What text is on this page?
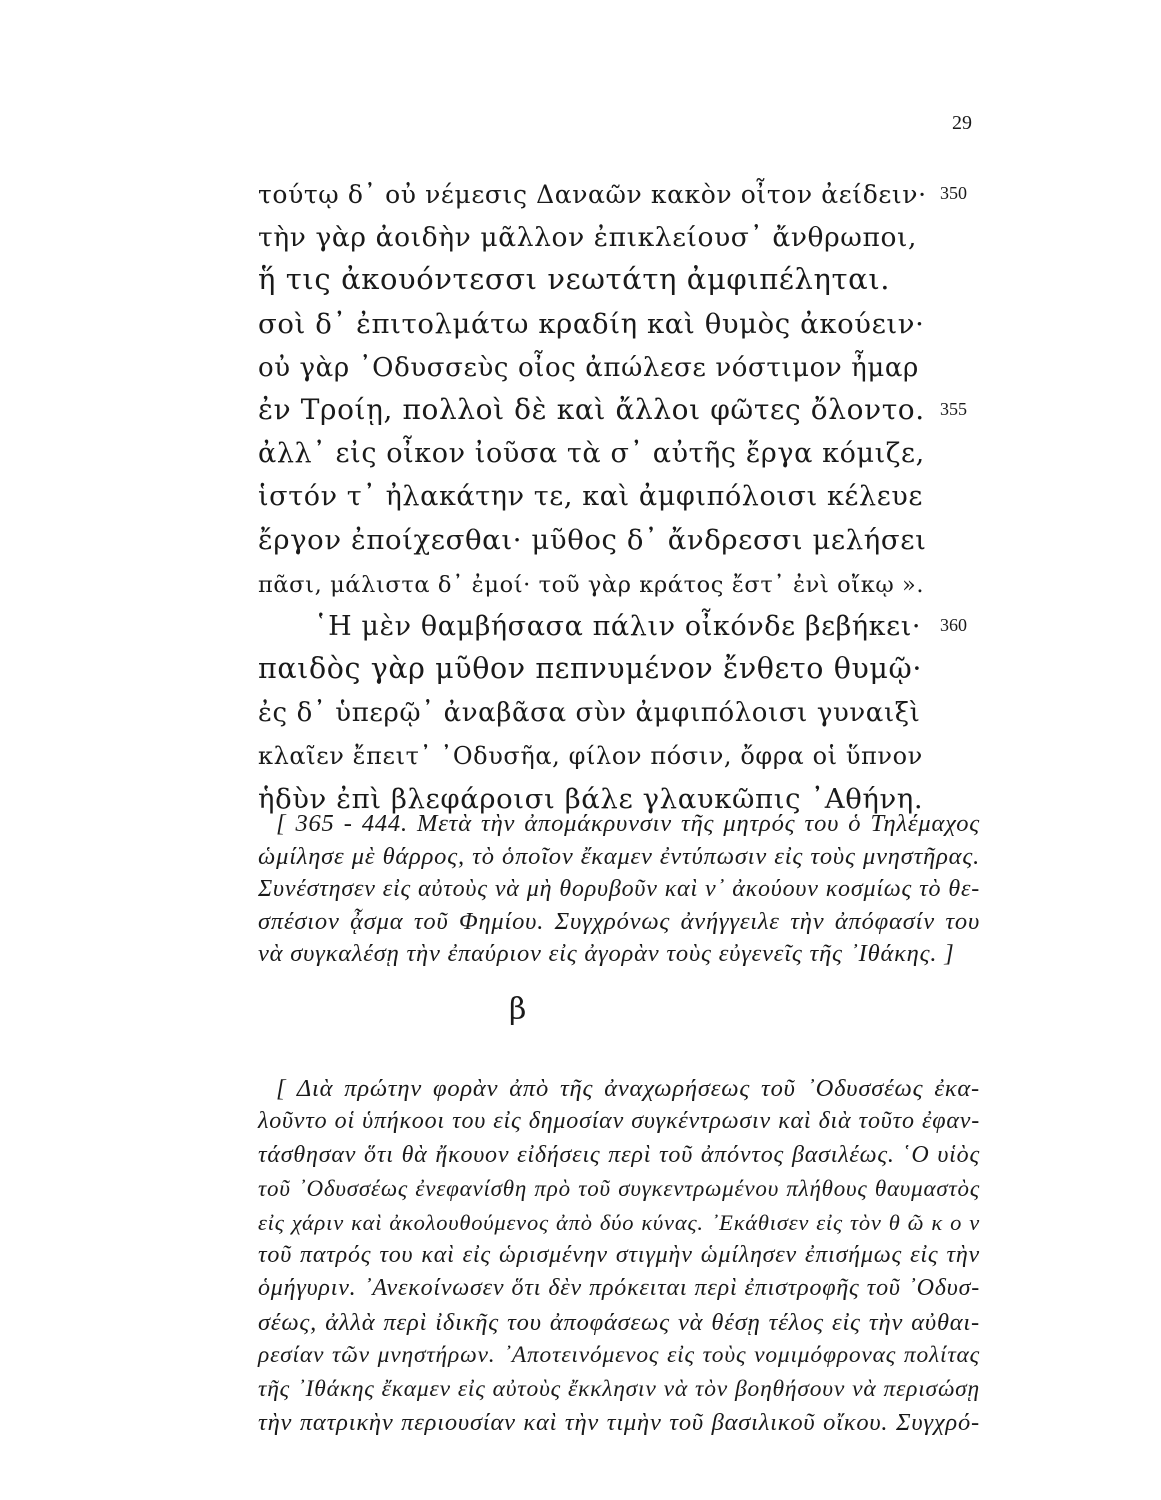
29
τούτῳ δ᾽ οὐ νέμεσις Δαναῶν κακὸν οἶτον ἀείδειν· 350
τὴν γὰρ ἀοιδὴν μᾶλλον ἐπικλείουσ᾽ ἄνθρωποι,
ἥ τις ἀκουόντεσσι νεωτάτη ἀμφιπέληται.
σοὶ δ᾽ ἐπιτολμάτω κραδίη καὶ θυμὸς ἀκούειν·
οὐ γὰρ ᾽Οδυσσεὺς οἶος ἀπώλεσε νόστιμον ἦμαρ
ἐν Τροίῃ, πολλοὶ δὲ καὶ ἄλλοι φῶτες ὄλοντο. 355
ἀλλ᾽ εἰς οἶκον ἰοῦσα τὰ σ᾽ αὐτῆς ἔργα κόμιζε,
ἱστόν τ᾽ ἠλακάτην τε, καὶ ἀμφιπόλοισι κέλευε
ἔργον ἐποίχεσθαι· μῦθος δ᾽ ἄνδρεσσι μελήσει
πᾶσι, μάλιστα δ᾽ ἐμοί· τοῦ γὰρ κράτος ἔστ᾽ ἐνὶ οἴκῳ ».
῾Η μὲν θαμβήσασα πάλιν οἶκόνδε βεβήκει· 360
παιδὸς γὰρ μῦθον πεπνυμένον ἔνθετο θυμῷ·
ἐς δ᾽ ὑπερῷ᾽ ἀναβᾶσα σὺν ἀμφιπόλοισι γυναιξὶ
κλαῖεν ἔπειτ᾽ ᾽Οδυσῆα, φίλον πόσιν, ὄφρα οἱ ὕπνον
ἡδὺν ἐπὶ βλεφάροισι βάλε γλαυκῶπις ᾽Αθήνη.
[ 365 - 444. Μετὰ τὴν ἀπομάκρυνσιν τῆς μητρός του ὁ Τηλέμαχος
ὡμίλησε μὲ θάρρος, τὸ ὁποῖον ἔκαμεν ἐντύπωσιν εἰς τοὺς μνηστῆρας.
Συνέστησεν εἰς αὐτοὺς νὰ μὴ θορυβοῦν καὶ ν᾽ ἀκούουν κοσμίως τὸ θε-
σπέσιον ᾆσμα τοῦ Φημίου. Συγχρόνως ἀνήγγειλε τὴν ἀπόφασίν του
νὰ συγκαλέσῃ τὴν ἐπαύριον εἰς ἀγορὰν τοὺς εὐγενεῖς τῆς ᾽Ιθάκης. ]
β
[ Διὰ πρώτην φορὰν ἀπὸ τῆς ἀναχωρήσεως τοῦ ᾽Οδυσσέως ἐκα-
λοῦντο οἱ ὑπήκοοι του εἰς δημοσίαν συγκέντρωσιν καὶ διὰ τοῦτο ἐφαν-
τάσθησαν ὅτι θὰ ἤκουον εἰδήσεις περὶ τοῦ ἀπόντος βασιλέως. ῾Ο υἱὸς
τοῦ ᾽Οδυσσέως ἐνεφανίσθη πρὸ τοῦ συγκεντρωμένου πλήθους θαυμαστὸς
εἰς χάριν καὶ ἀκολουθούμενος ἀπὸ δύο κύνας. ᾽Εκάθισεν εἰς τὸν θ ῶ κ ο ν
τοῦ πατρός του καὶ εἰς ὡρισμένην στιγμὴν ὡμίλησεν ἐπισήμως εἰς τὴν
ὁμήγυριν. ᾽Ανεκοίνωσεν ὅτι δὲν πρόκειται περὶ ἐπιστροφῆς τοῦ ᾽Οδυσ-
σέως, ἀλλὰ περὶ ἰδικῆς του ἀποφάσεως νὰ θέσῃ τέλος εἰς τὴν αὐθαι-
ρεσίαν τῶν μνηστήρων. ᾽Αποτεινόμενος εἰς τοὺς νομιμόφρονας πολίτας
τῆς ᾽Ιθάκης ἔκαμεν εἰς αὐτοὺς ἔκκλησιν νὰ τὸν βοηθήσουν νὰ περισώσῃ
τὴν πατρικὴν περιουσίαν καὶ τὴν τιμὴν τοῦ βασιλικοῦ οἴκου. Συγχρό-
